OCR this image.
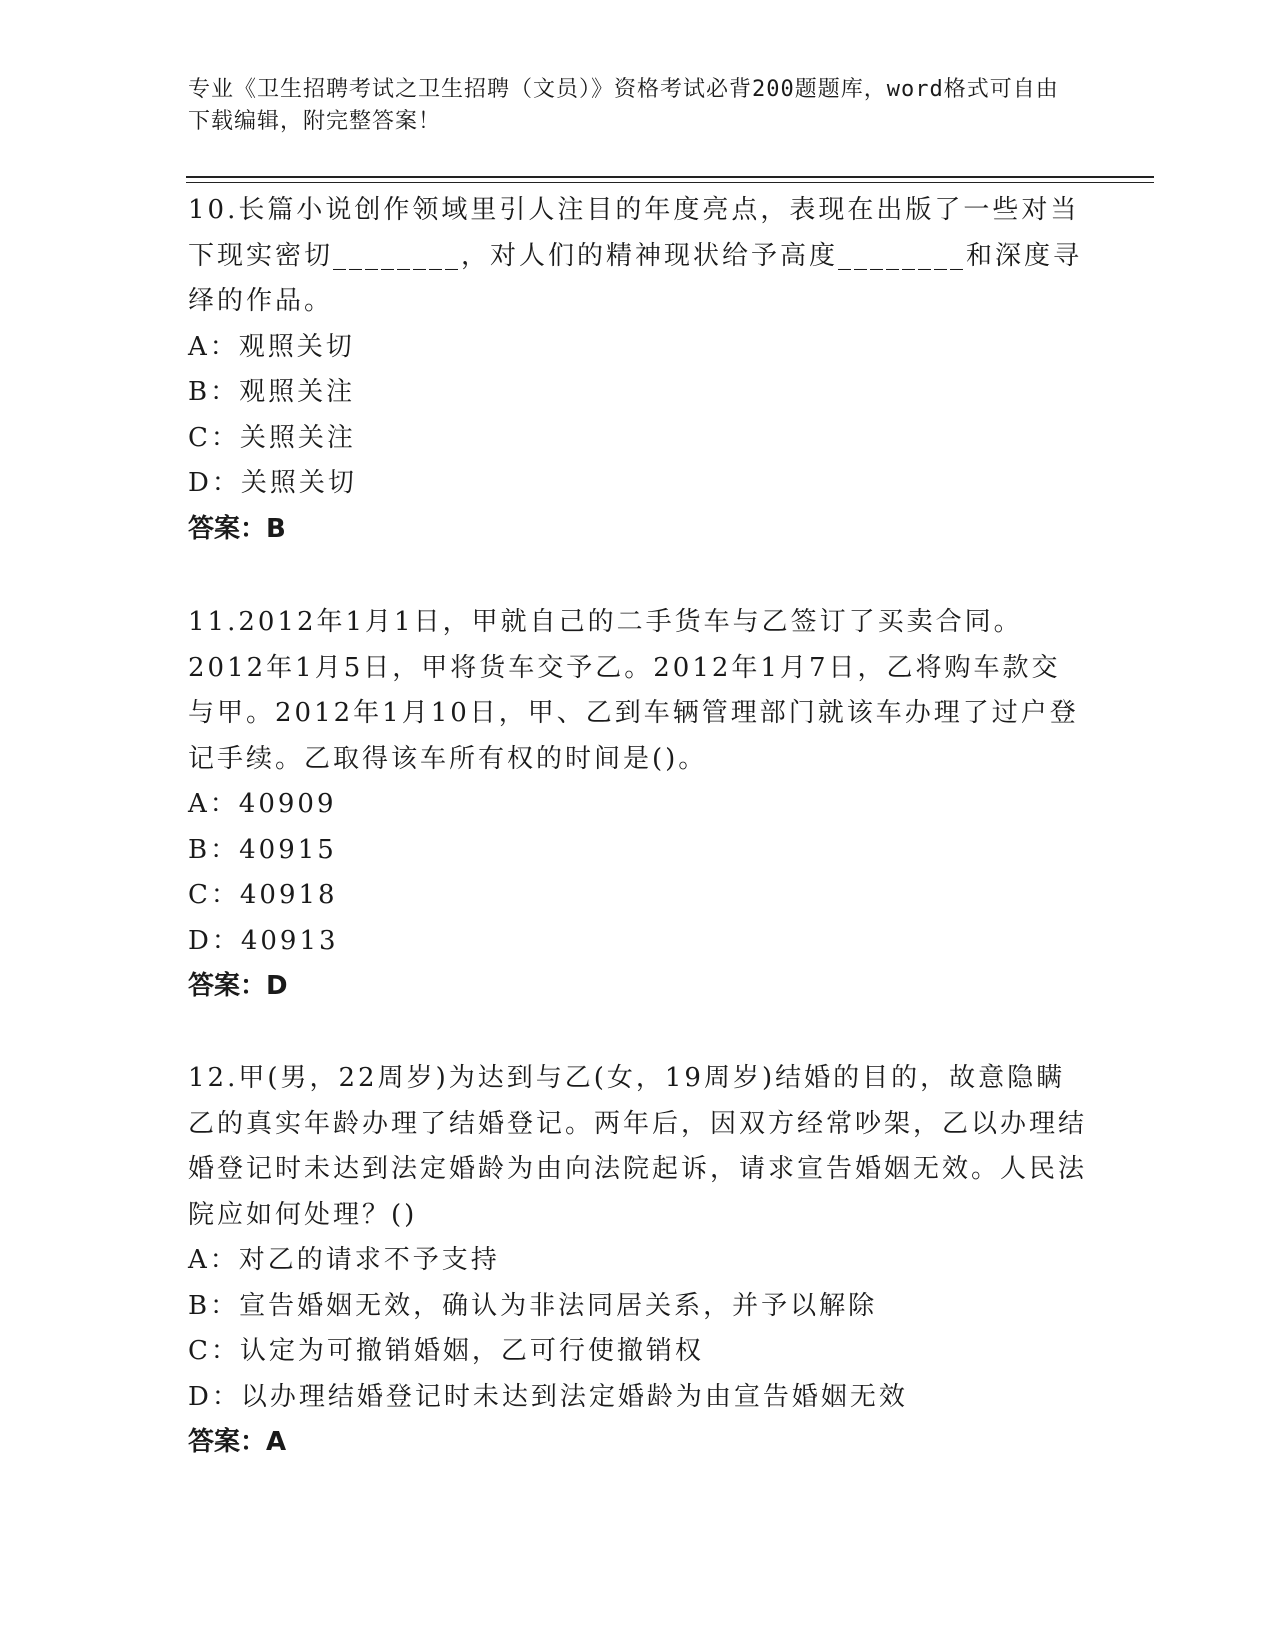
专业《卫生招聘考试之卫生招聘（文员）》资格考试必背200题题库，word格式可自由下载编辑，附完整答案！

10.长篇小说创作领域里引人注目的年度亮点，表现在出版了一些对当下现实密切________，对人们的精神现状给予高度________和深度寻绎的作品。

A：观照关切

B：观照关注

C：关照关注

D：关照关切

答案：B

11.2012年1月1日，甲就自己的二手货车与乙签订了买卖合同。2012年1月5日，甲将货车交予乙。2012年1月7日，乙将购车款交与甲。2012年1月10日，甲、乙到车辆管理部门就该车办理了过户登记手续。乙取得该车所有权的时间是()。

A：40909

B：40915

C：40918

D：40913

答案：D

12.甲(男，22周岁)为达到与乙(女，19周岁)结婚的目的，故意隐瞒乙的真实年龄办理了结婚登记。两年后，因双方经常吵架，乙以办理结婚登记时未达到法定婚龄为由向法院起诉，请求宣告婚姻无效。人民法院应如何处理？()

A：对乙的请求不予支持

B：宣告婚姻无效，确认为非法同居关系，并予以解除

C：认定为可撤销婚姻，乙可行使撤销权

D：以办理结婚登记时未达到法定婚龄为由宣告婚姻无效

答案：A
